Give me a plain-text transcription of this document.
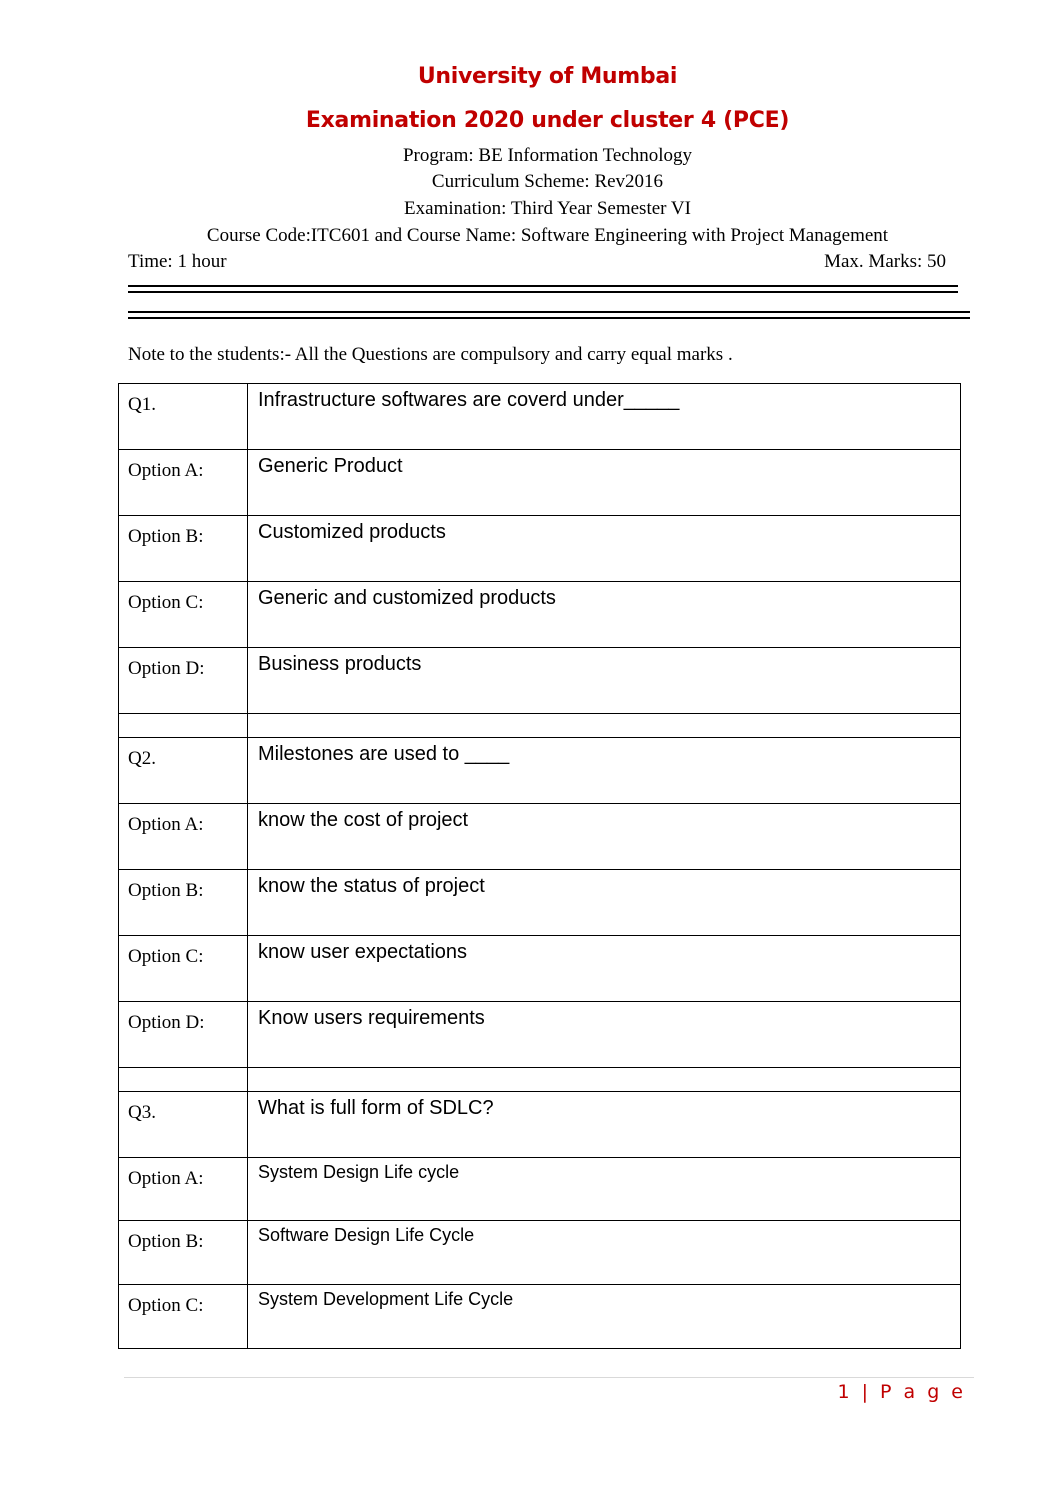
University of Mumbai
Examination 2020 under cluster 4 (PCE)
Program: BE Information Technology
Curriculum Scheme: Rev2016
Examination: Third Year Semester VI
Course Code:ITC601 and Course Name: Software Engineering with Project Management
Time: 1 hour	Max. Marks: 50
Note to the students:- All the Questions are compulsory and carry equal marks .
Q1.	Infrastructure softwares are coverd under_____
Option A:	Generic Product
Option B:	Customized products
Option C:	Generic and customized products
Option D:	Business products

Q2.	Milestones are used to ____
Option A:	know the cost of project
Option B:	know the status of project
Option C:	know user expectations
Option D:	Know users requirements

Q3.	What is full form of SDLC?
Option A:	System Design Life cycle
Option B:	Software Design Life Cycle
Option C:	System Development Life Cycle
1 | P a g e
